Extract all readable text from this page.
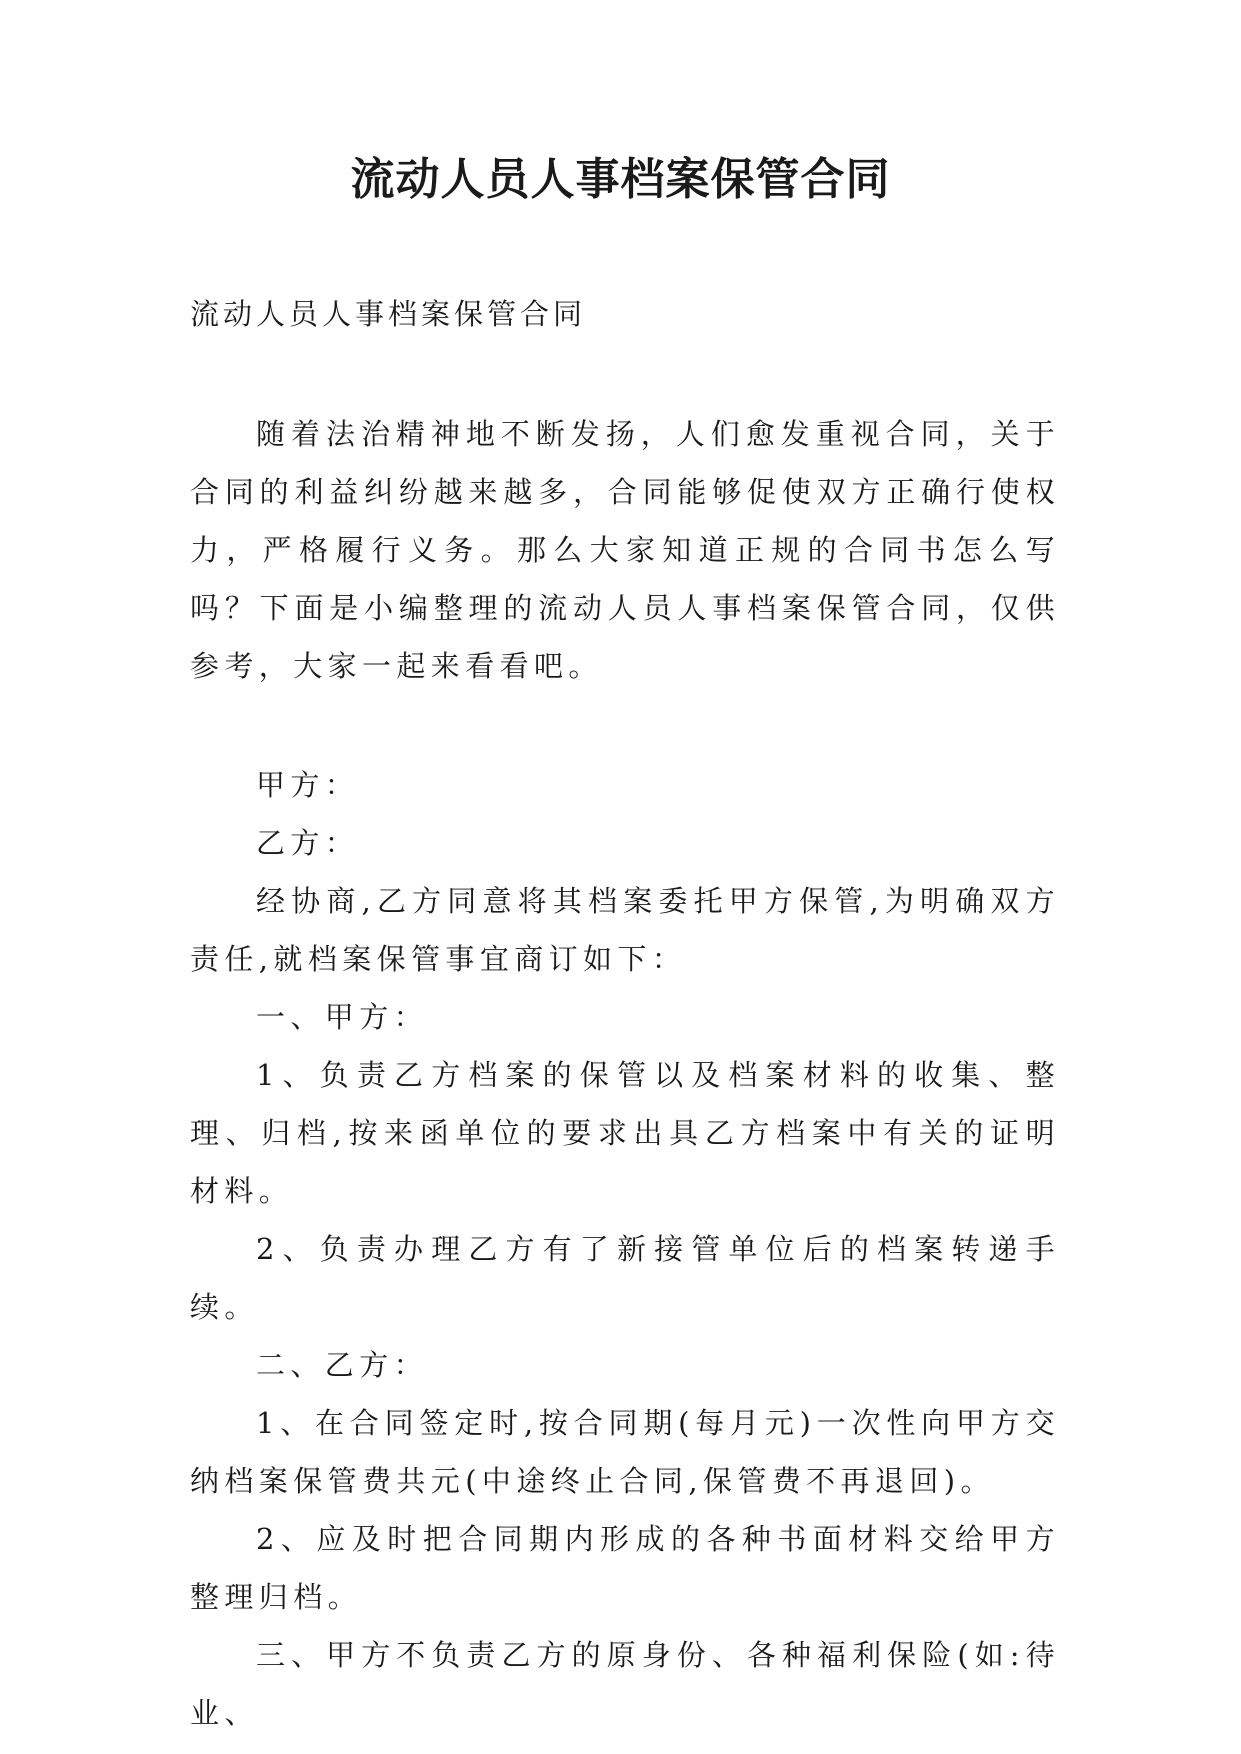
流动人员人事档案保管合同

流动人员人事档案保管合同

随着法治精神地不断发扬，人们愈发重视合同，关于合同的利益纠纷越来越多，合同能够促使双方正确行使权力，严格履行义务。那么大家知道正规的合同书怎么写吗？下面是小编整理的流动人员人事档案保管合同，仅供参考，大家一起来看看吧。

甲方：

乙方：

经协商,乙方同意将其档案委托甲方保管,为明确双方责任,就档案保管事宜商订如下：

一、甲方：

1、负责乙方档案的保管以及档案材料的收集、整理、归档,按来函单位的要求出具乙方档案中有关的证明材料。

2、负责办理乙方有了新接管单位后的档案转递手续。

二、乙方：

1、在合同签定时,按合同期(每月元)一次性向甲方交纳档案保管费共元(中途终止合同,保管费不再退回)。

2、应及时把合同期内形成的各种书面材料交给甲方整理归档。

三、甲方不负责乙方的原身份、各种福利保险(如:待业、
